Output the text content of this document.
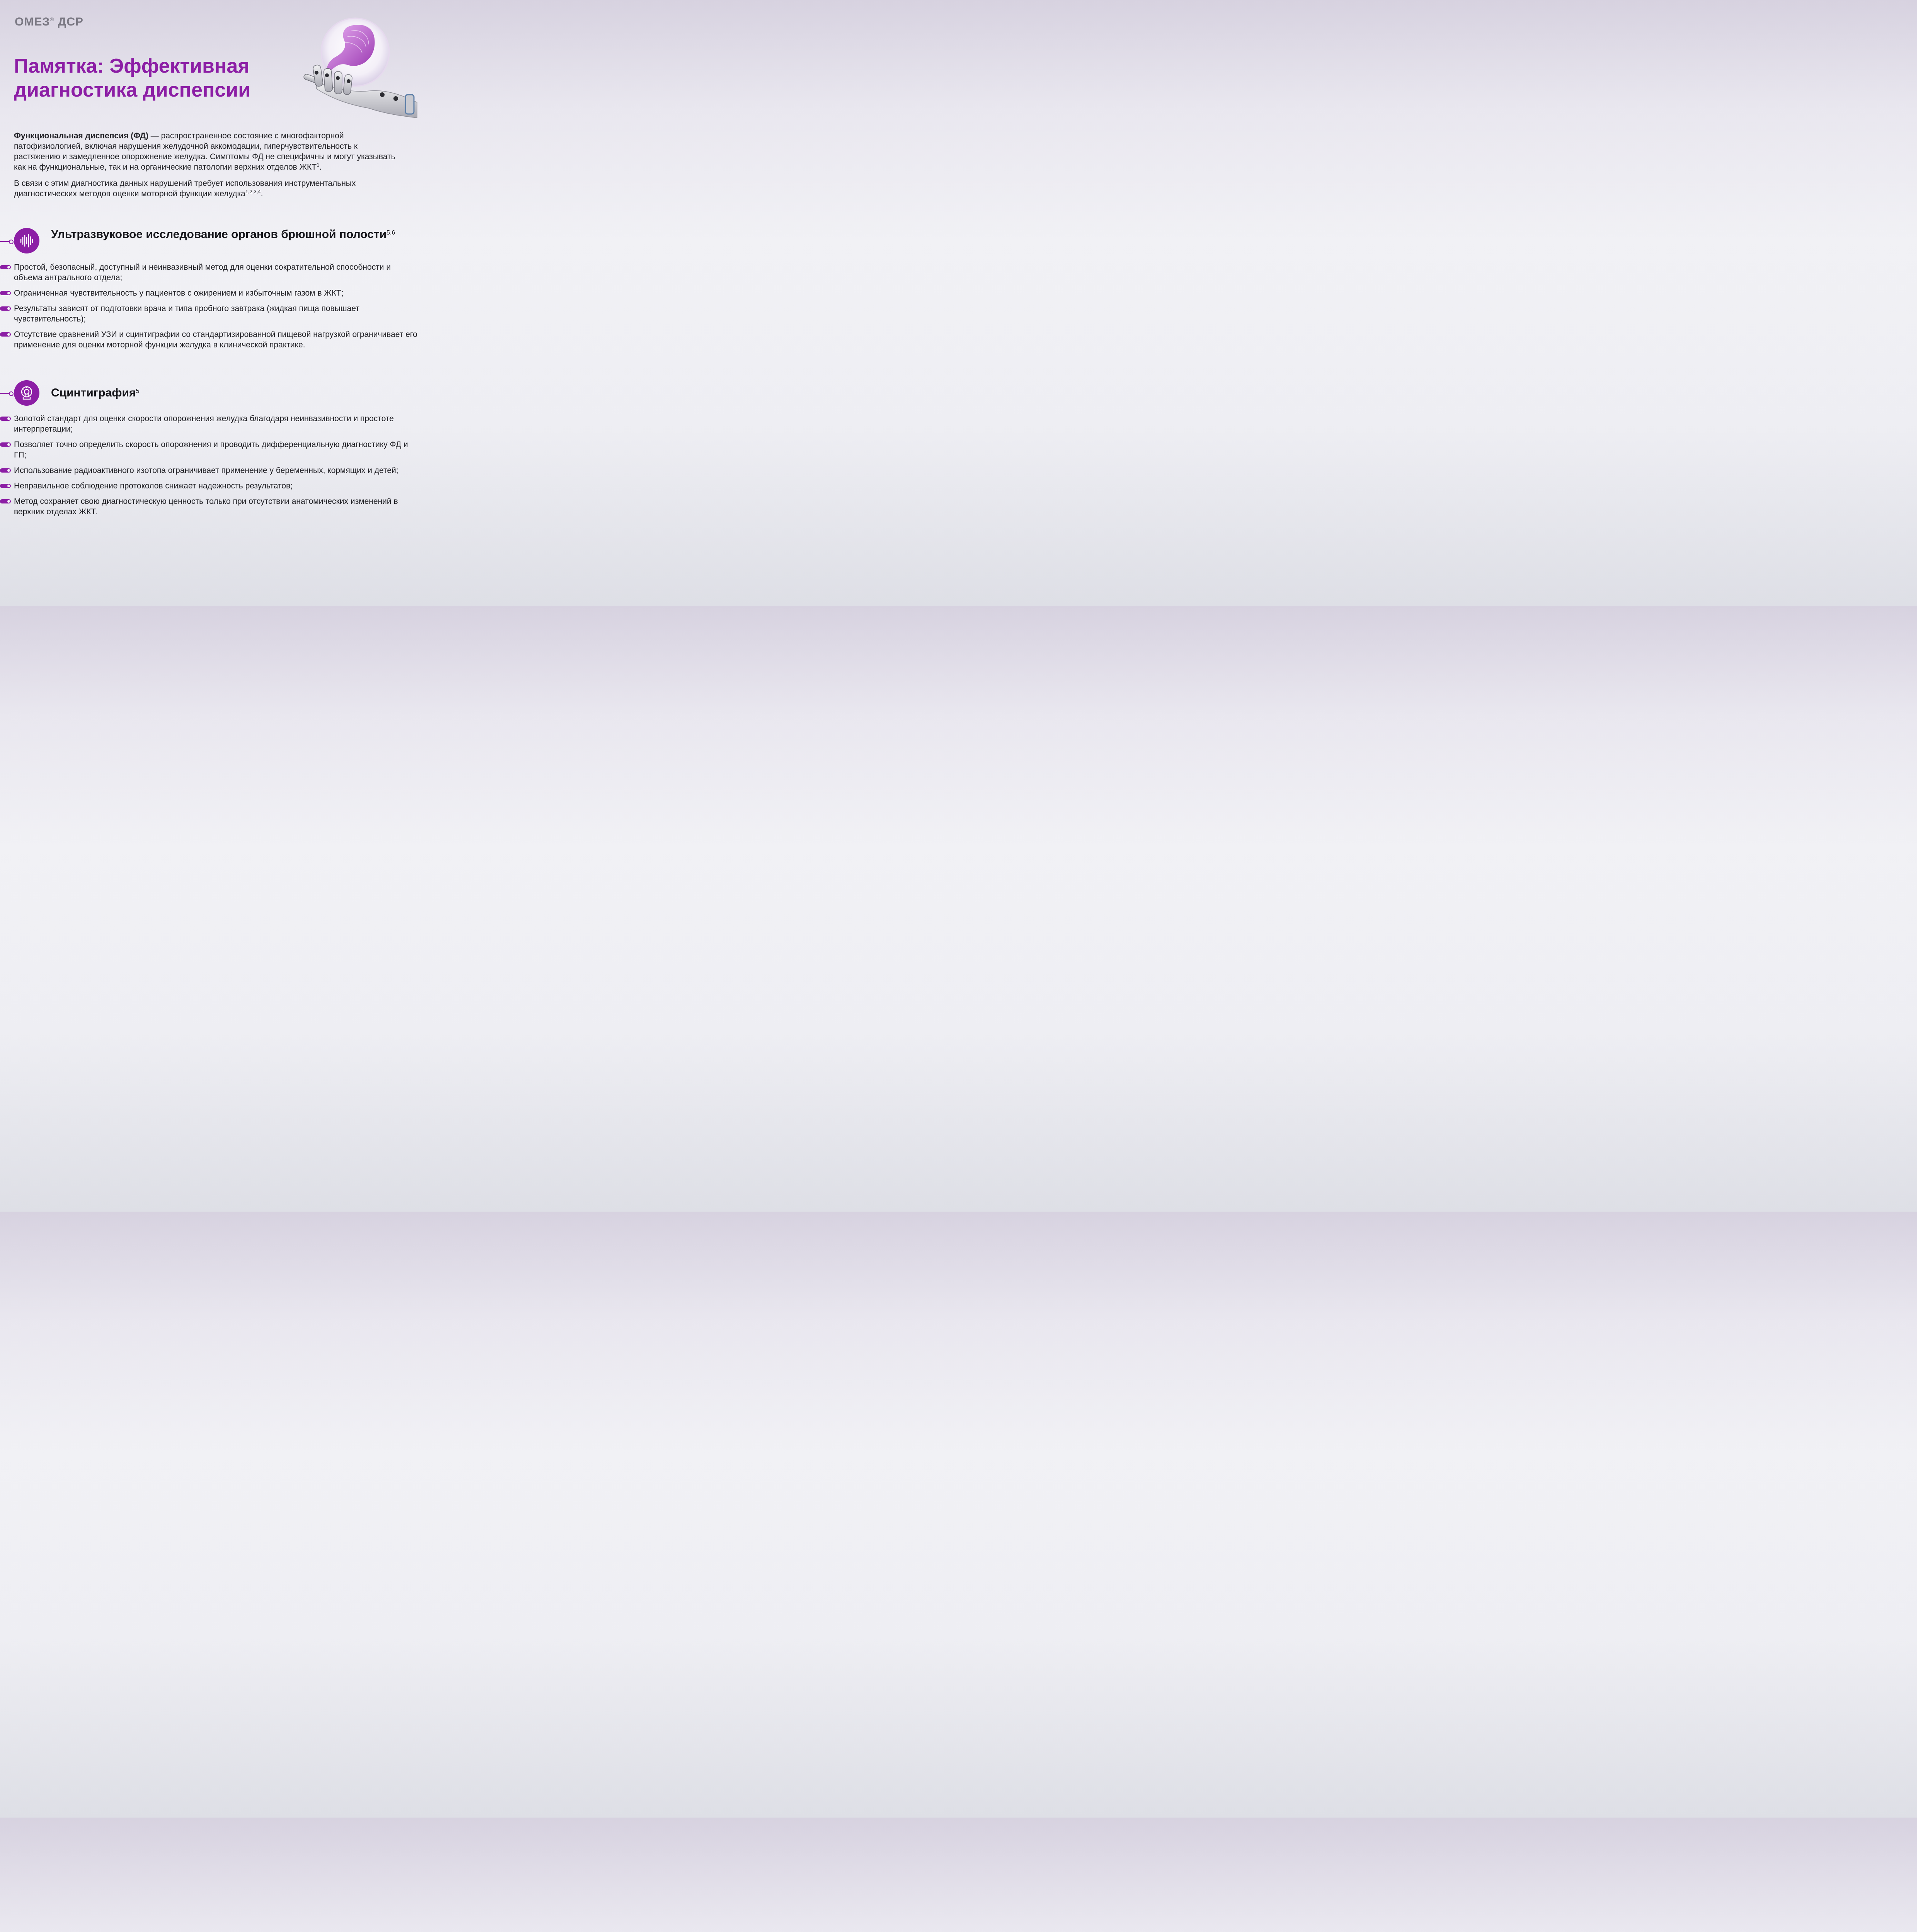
ОМЕЗ® ДСР
Памятка: Эффективная
диагностика диспепсии

Функциональная диспепсия (ФД) — распространенное состояние с многофакторной патофизиологией, включая нарушения желудочной аккомодации, гиперчувствительность к растяжению и замедленное опорожнение желудка. Симптомы ФД не специфичны и могут указывать как на функциональные, так и на органические патологии верхних отделов ЖКТ$^1$.

В связи с этим диагностика данных нарушений требует использования инструментальных диагностических методов оценки моторной функции желудка$^{1,2,3,4}$.

Ультразвуковое исследование органов брюшной полости$^{5,6}$
Простой, безопасный, доступный и неинвазивный метод для оценки сократительной способности и объема антрального отдела;
Ограниченная чувствительность у пациентов с ожирением и избыточным газом в ЖКТ;
Результаты зависят от подготовки врача и типа пробного завтрака (жидкая пища повышает чувствительность);
Отсутствие сравнений УЗИ и сцинтиграфии со стандартизированной пищевой нагрузкой ограничивает его применение для оценки моторной функции желудка в клинической практике.
Сцинтиграфия$^5$
Золотой стандарт для оценки скорости опорожнения желудка благодаря неинвазивности и простоте интерпретации;
Позволяет точно определить скорость опорожнения и проводить дифференциальную диагностику ФД и ГП;
Использование радиоактивного изотопа ограничивает применение у беременных, кормящих и детей;
Неправильное соблюдение протоколов снижает надежность результатов;
Метод сохраняет свою диагностическую ценность только при отсутствии анатомических изменений в верхних отделах ЖКТ.
